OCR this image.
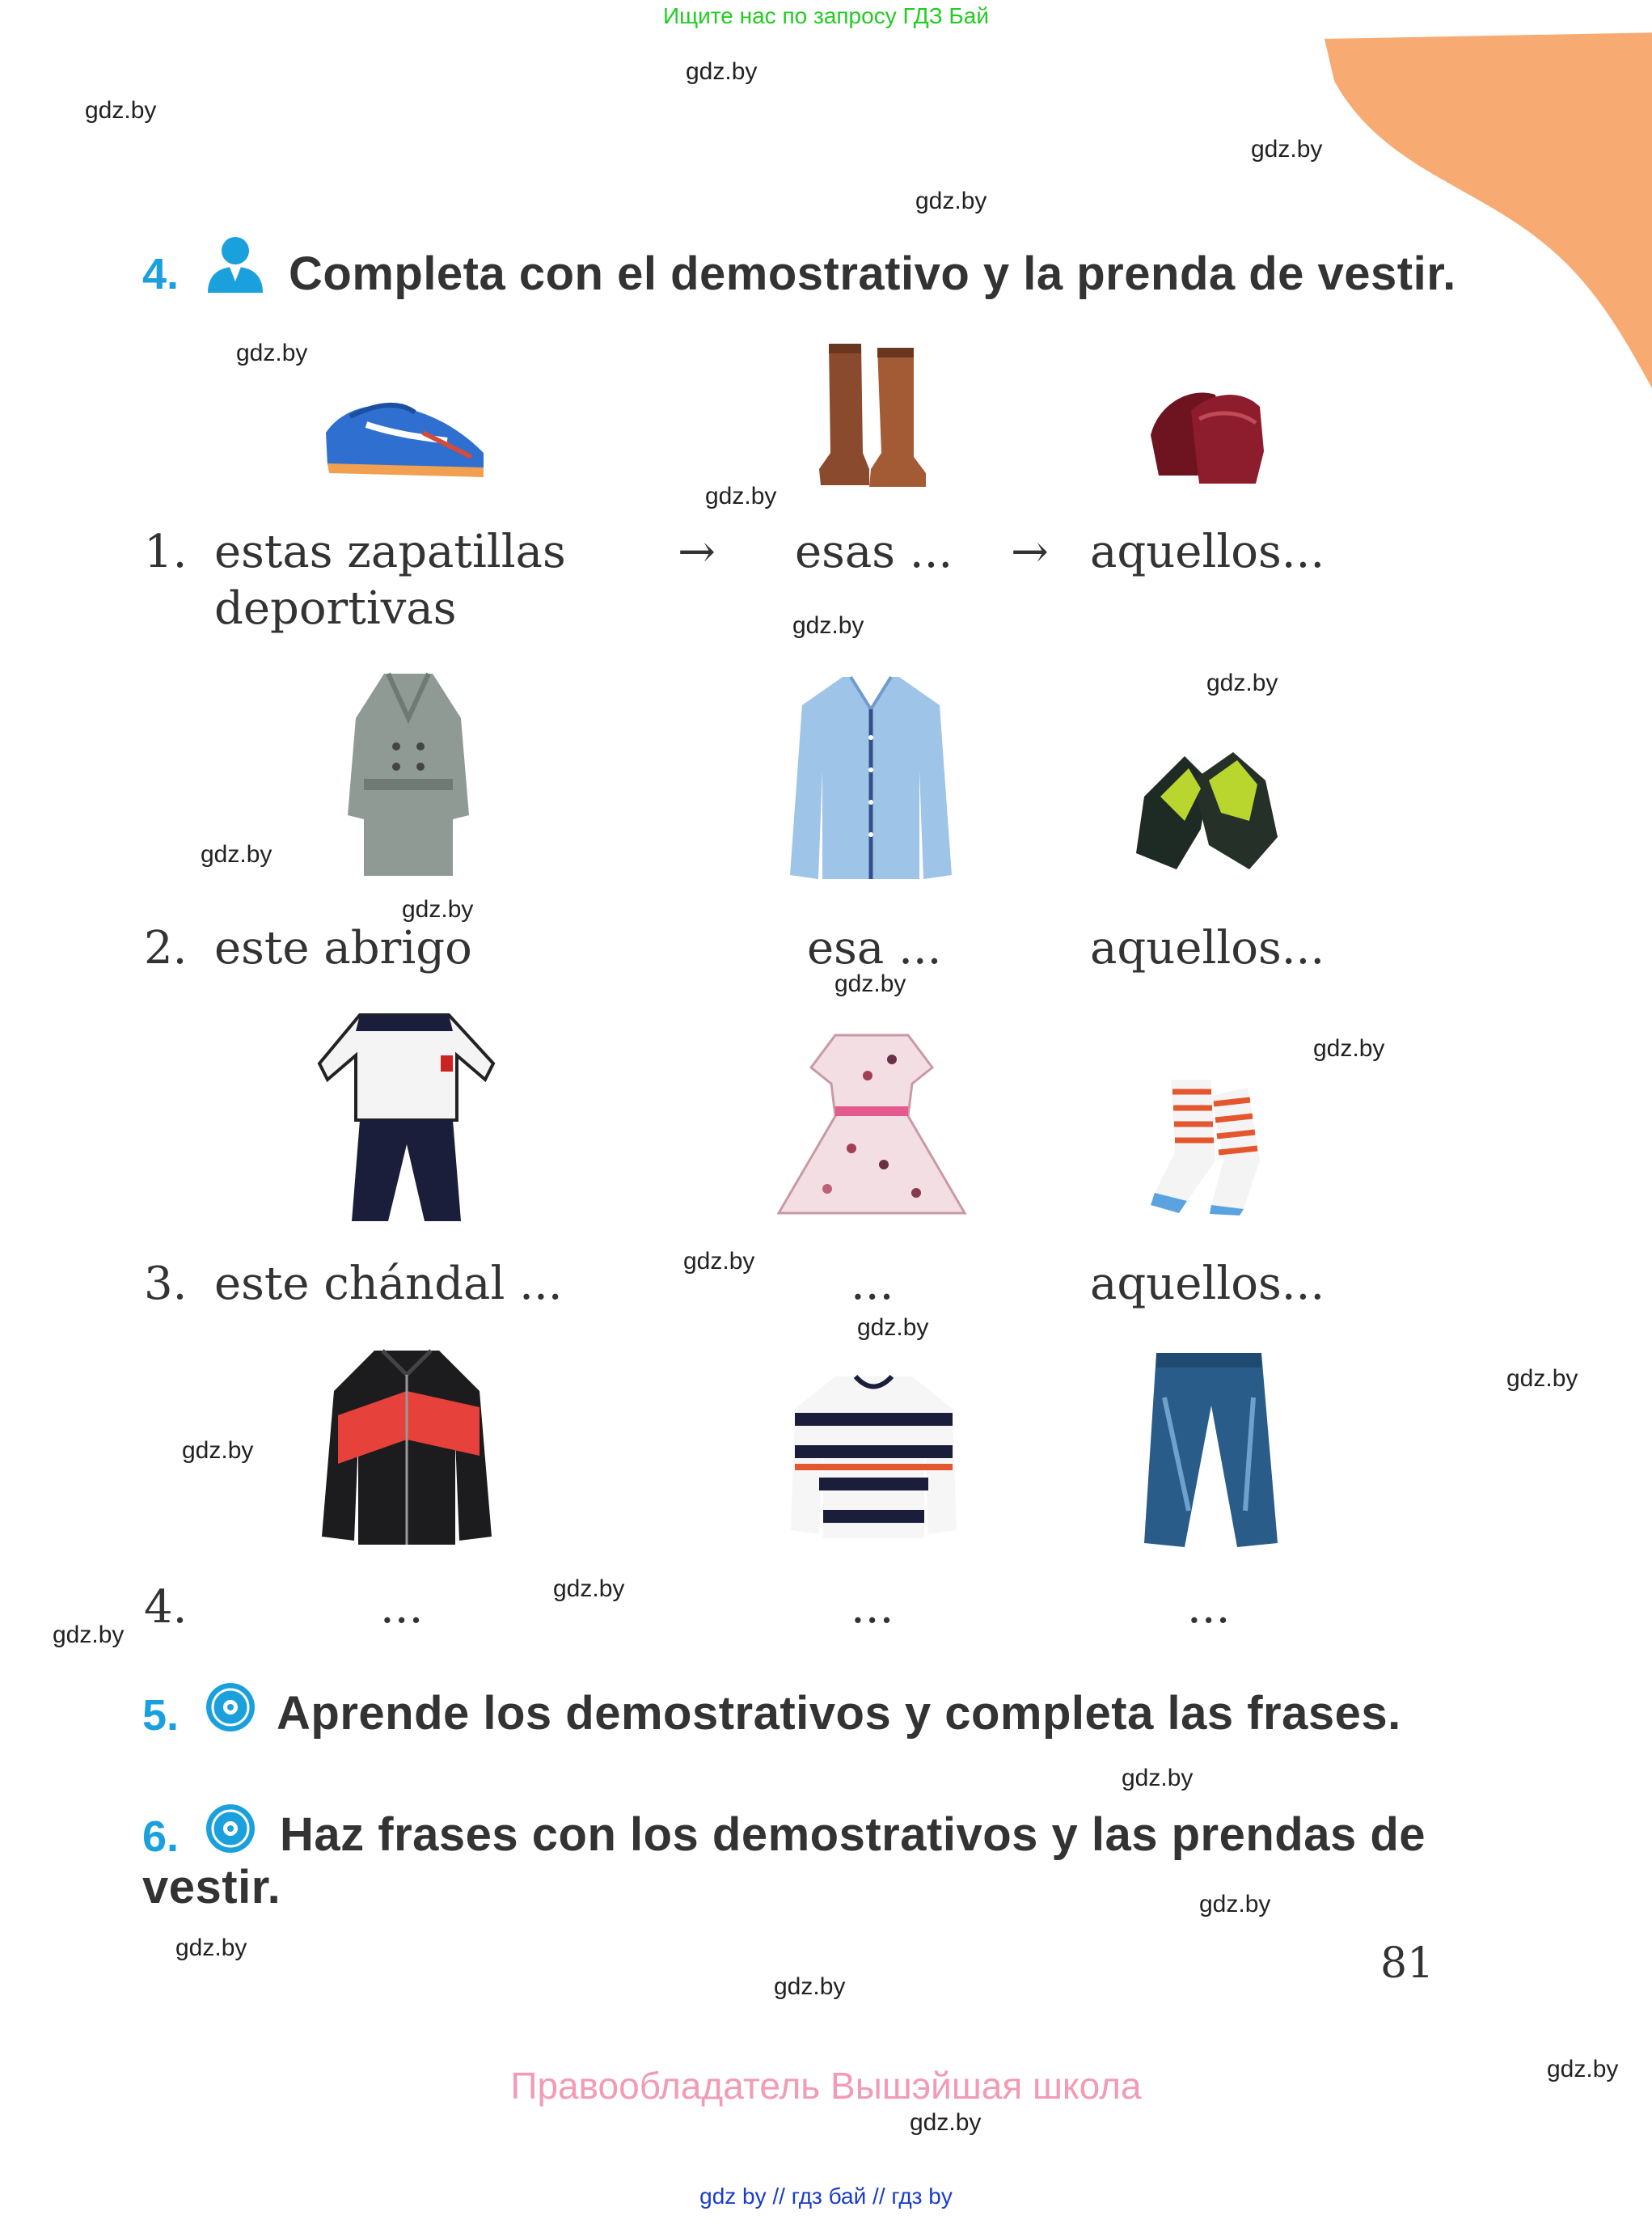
Ищите нас по запросу ГДЗ Бай
gdz.by
gdz.by
gdz.by
gdz.by
gdz.by
gdz.by
gdz.by
gdz.by
gdz.by
gdz.by
gdz.by
gdz.by
gdz.by
gdz.by
gdz.by
gdz.by
gdz.by
gdz.by
gdz.by
gdz.by
gdz.by
gdz.by
gdz.by
gdz.by
4. Completa con el demostrativo y la prenda de vestir.
1. estas zapatillas
deportivas
→ esas ... → aquellos...
2. este abrigo	esa ...	aquellos...
3. este chándal ...	...	aquellos...
4.	...	...	...
5. Aprende los demostrativos y completa las frases.
6. Haz frases con los demostrativos y las prendas de
vestir.
81
Правообладатель Вышэйшая школа
gdz by // гдз бай // гдз by
